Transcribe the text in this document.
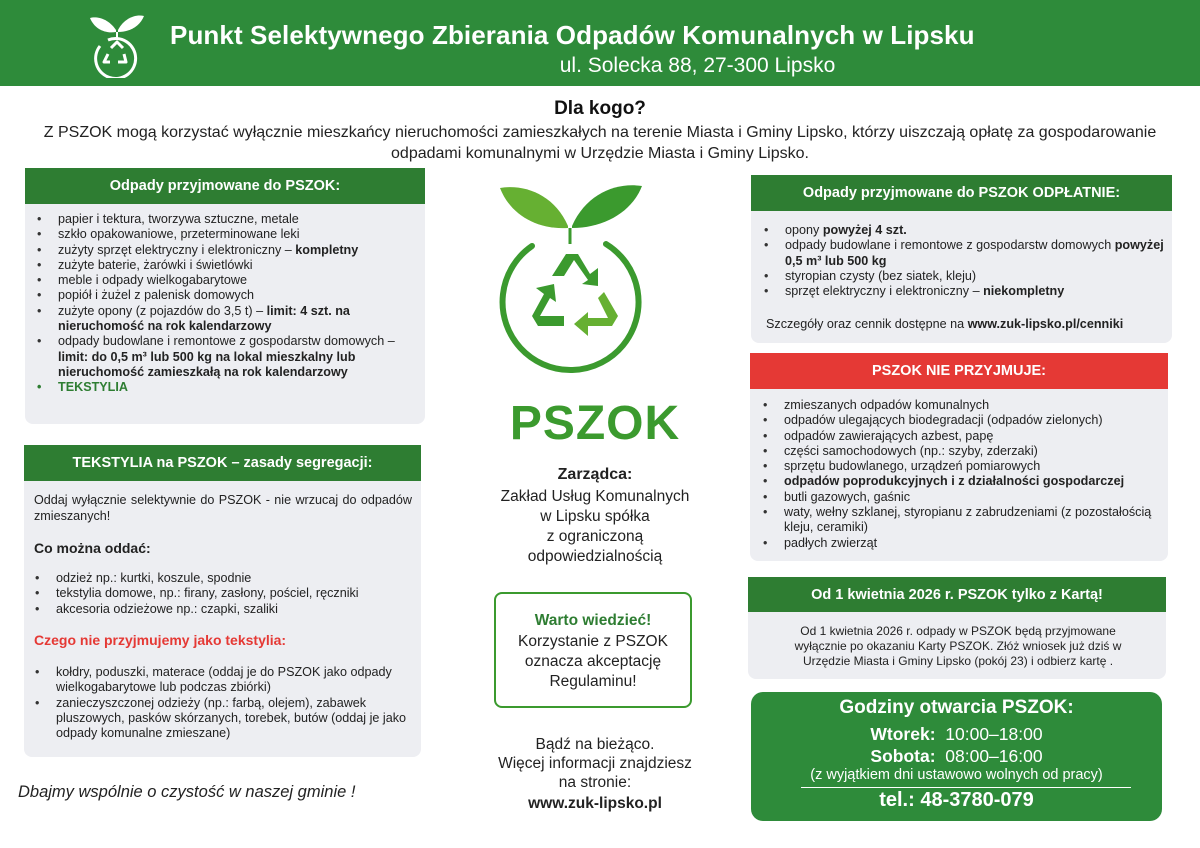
Punkt Selektywnego Zbierania Odpadów Komunalnych w Lipsku
ul. Solecka 88, 27-300 Lipsko
Dla kogo?
Z PSZOK mogą korzystać wyłącznie mieszkańcy nieruchomości zamieszkałych na terenie Miasta i Gminy Lipsko, którzy uiszczają opłatę za gospodarowanie odpadami komunalnymi w Urzędzie Miasta i Gminy Lipsko.
Odpady przyjmowane do PSZOK:
• papier i tektura, tworzywa sztuczne, metale
• szkło opakowaniowe, przeterminowane leki
• zużyty sprzęt elektryczny i elektroniczny – kompletny
• zużyte baterie, żarówki i świetlówki
• meble i odpady wielkogabarytowe
• popiół i żużel z palenisk domowych
• zużyte opony (z pojazdów do 3,5 t) – limit: 4 szt. na nieruchomość na rok kalendarzowy
• odpady budowlane i remontowe z gospodarstw domowych – limit: do 0,5 m³ lub 500 kg na lokal mieszkalny lub nieruchomość zamieszkałą na rok kalendarzowy
• TEKSTYLIA
TEKSTYLIA na PSZOK – zasady segregacji:
Oddaj wyłącznie selektywnie do PSZOK - nie wrzucaj do odpadów zmieszanych!
Co można oddać:
• odzież np.: kurtki, koszule, spodnie
• tekstylia domowe, np.: firany, zasłony, pościel, ręczniki
• akcesoria odzieżowe np.: czapki, szaliki
Czego nie przyjmujemy jako tekstylia:
• kołdry, poduszki, materace (oddaj je do PSZOK jako odpady wielkogabarytowe lub podczas zbiórki)
• zanieczyszczonej odzieży (np.: farbą, olejem), zabawek pluszowych, pasków skórzanych, torebek, butów (oddaj je jako odpady komunalne zmieszane)
Dbajmy wspólnie o czystość w naszej gminie !
PSZOK
Zarządca:
Zakład Usług Komunalnych
w Lipsku spółka
z ograniczoną
odpowiedzialnością
Warto wiedzieć!
Korzystanie z PSZOK
oznacza akceptację
Regulaminu!
Bądź na bieżąco.
Więcej informacji znajdziesz
na stronie:
www.zuk-lipsko.pl
Odpady przyjmowane do PSZOK ODPŁATNIE:
• opony powyżej 4 szt.
• odpady budowlane i remontowe z gospodarstw domowych powyżej 0,5 m³ lub 500 kg
• styropian czysty (bez siatek, kleju)
• sprzęt elektryczny i elektroniczny – niekompletny
Szczegóły oraz cennik dostępne na www.zuk-lipsko.pl/cenniki
PSZOK NIE PRZYJMUJE:
• zmieszanych odpadów komunalnych
• odpadów ulegających biodegradacji (odpadów zielonych)
• odpadów zawierających azbest, papę
• części samochodowych (np.: szyby, zderzaki)
• sprzętu budowlanego, urządzeń pomiarowych
• odpadów poprodukcyjnych i z działalności gospodarczej
• butli gazowych, gaśnic
• waty, wełny szklanej, styropianu z zabrudzeniami (z pozostałością kleju, ceramiki)
• padłych zwierząt
Od 1 kwietnia 2026 r. PSZOK tylko z Kartą!
Od 1 kwietnia 2026 r. odpady w PSZOK będą przyjmowane wyłącznie po okazaniu Karty PSZOK. Złóż wniosek już dziś w Urzędzie Miasta i Gminy Lipsko (pokój 23) i odbierz kartę .
Godziny otwarcia PSZOK:
Wtorek: 10:00–18:00
Sobota: 08:00–16:00
(z wyjątkiem dni ustawowo wolnych od pracy)
tel.: 48-3780-079
